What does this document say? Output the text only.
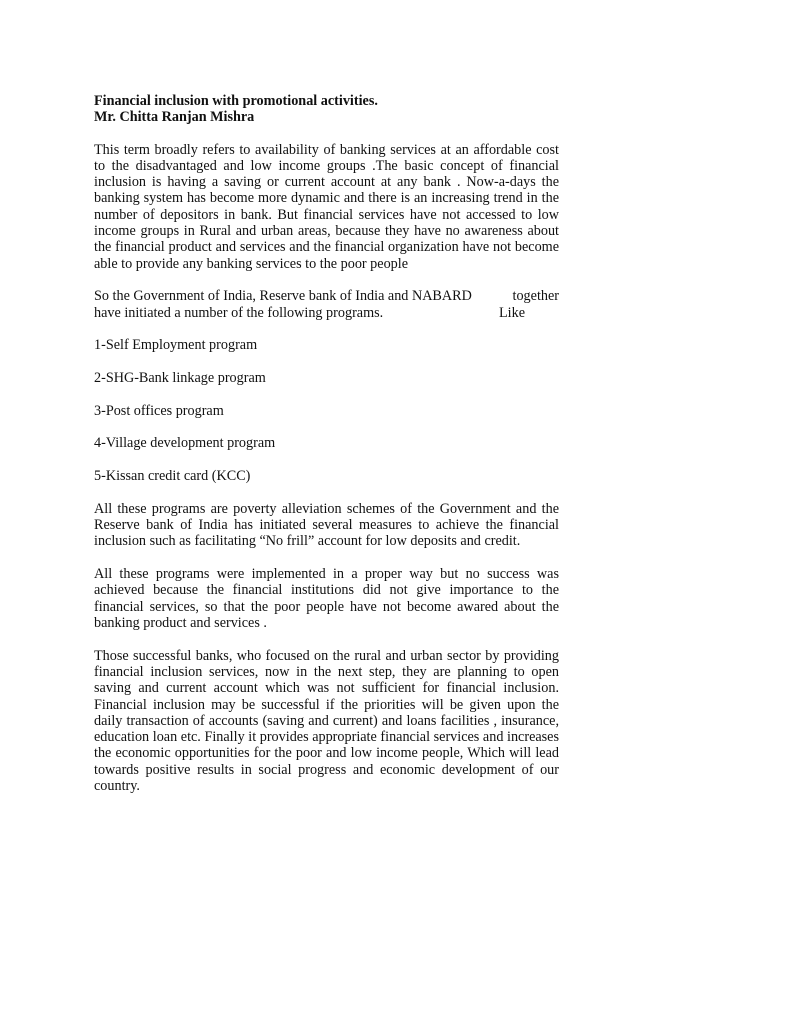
Financial inclusion with promotional activities.
Mr. Chitta Ranjan Mishra

This term broadly refers to availability of banking services at an affordable cost to the disadvantaged and low income groups .The basic concept of financial inclusion is having a saving or current account at any bank . Now-a-days the banking system has become more dynamic and there is an increasing trend in the number of depositors in bank. But financial services have not accessed to low income groups in Rural and urban areas, because they have no awareness about the financial product and services and the financial organization have not become able to provide any banking services to the poor people

So the Government of India, Reserve bank of India and NABARD	together
have initiated a number of the following programs.	Like
1-Self Employment program
2-SHG-Bank linkage program
3-Post offices program
4-Village development program
5-Kissan credit card (KCC)

All these programs are poverty alleviation schemes of the Government and the Reserve bank of India has initiated several measures to achieve the financial inclusion such as facilitating “No frill” account for low deposits and credit.

All these programs were implemented in a proper way but no success was achieved because the financial institutions did not give importance to the financial services, so that the poor people have not become awared about the banking product and services .

Those successful banks, who focused on the rural and urban sector by providing financial inclusion services, now in the next step, they are planning to open saving and current account which was not sufficient for financial inclusion. Financial inclusion may be successful if the priorities will be given upon the daily transaction of accounts (saving and current) and loans facilities , insurance, education loan etc. Finally it provides appropriate financial services and increases the economic opportunities for the poor and low income people, Which will lead towards positive results in social progress and economic development of our country.
